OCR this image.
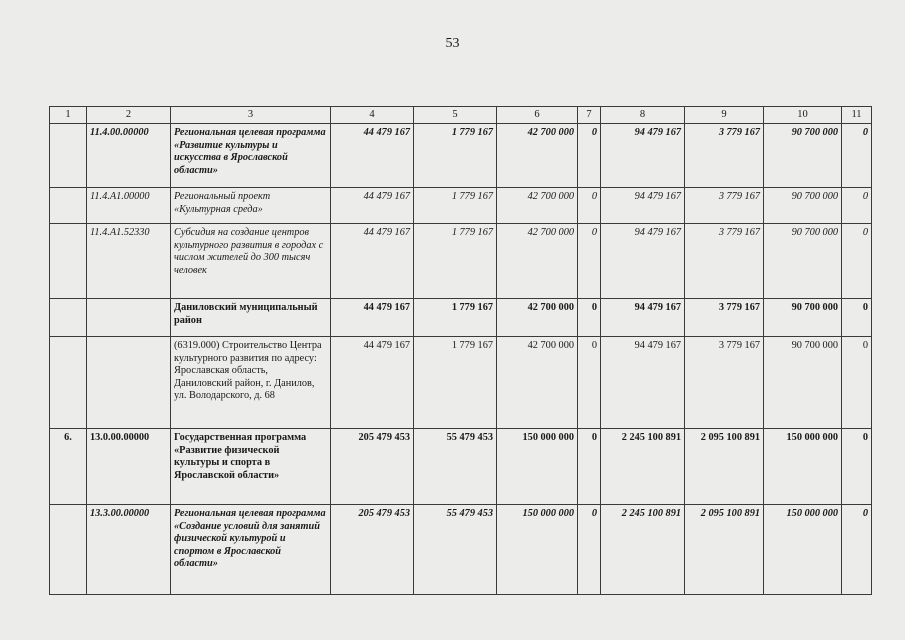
53
1	2	3	4	5	6	7	8	9	10	11
	11.4.00.00000	Региональная целевая программа «Развитие культуры и искусства в Ярославской области»	44 479 167	1 779 167	42 700 000	0	94 479 167	3 779 167	90 700 000	0
	11.4.A1.00000	Региональный проект «Культурная среда»	44 479 167	1 779 167	42 700 000	0	94 479 167	3 779 167	90 700 000	0
	11.4.A1.52330	Субсидия на создание центров культурного развития в городах с числом жителей до 300 тысяч человек	44 479 167	1 779 167	42 700 000	0	94 479 167	3 779 167	90 700 000	0
		Даниловский муниципальный район	44 479 167	1 779 167	42 700 000	0	94 479 167	3 779 167	90 700 000	0
		(6319.000) Строительство Центра культурного развития по адресу: Ярославская область, Даниловский район, г. Данилов, ул. Володарского, д. 68	44 479 167	1 779 167	42 700 000	0	94 479 167	3 779 167	90 700 000	0
6.	13.0.00.00000	Государственная программа «Развитие физической культуры и спорта в Ярославской области»	205 479 453	55 479 453	150 000 000	0	2 245 100 891	2 095 100 891	150 000 000	0
	13.3.00.00000	Региональная целевая программа «Создание условий для занятий физической культурой и спортом в Ярославской области»	205 479 453	55 479 453	150 000 000	0	2 245 100 891	2 095 100 891	150 000 000	0
